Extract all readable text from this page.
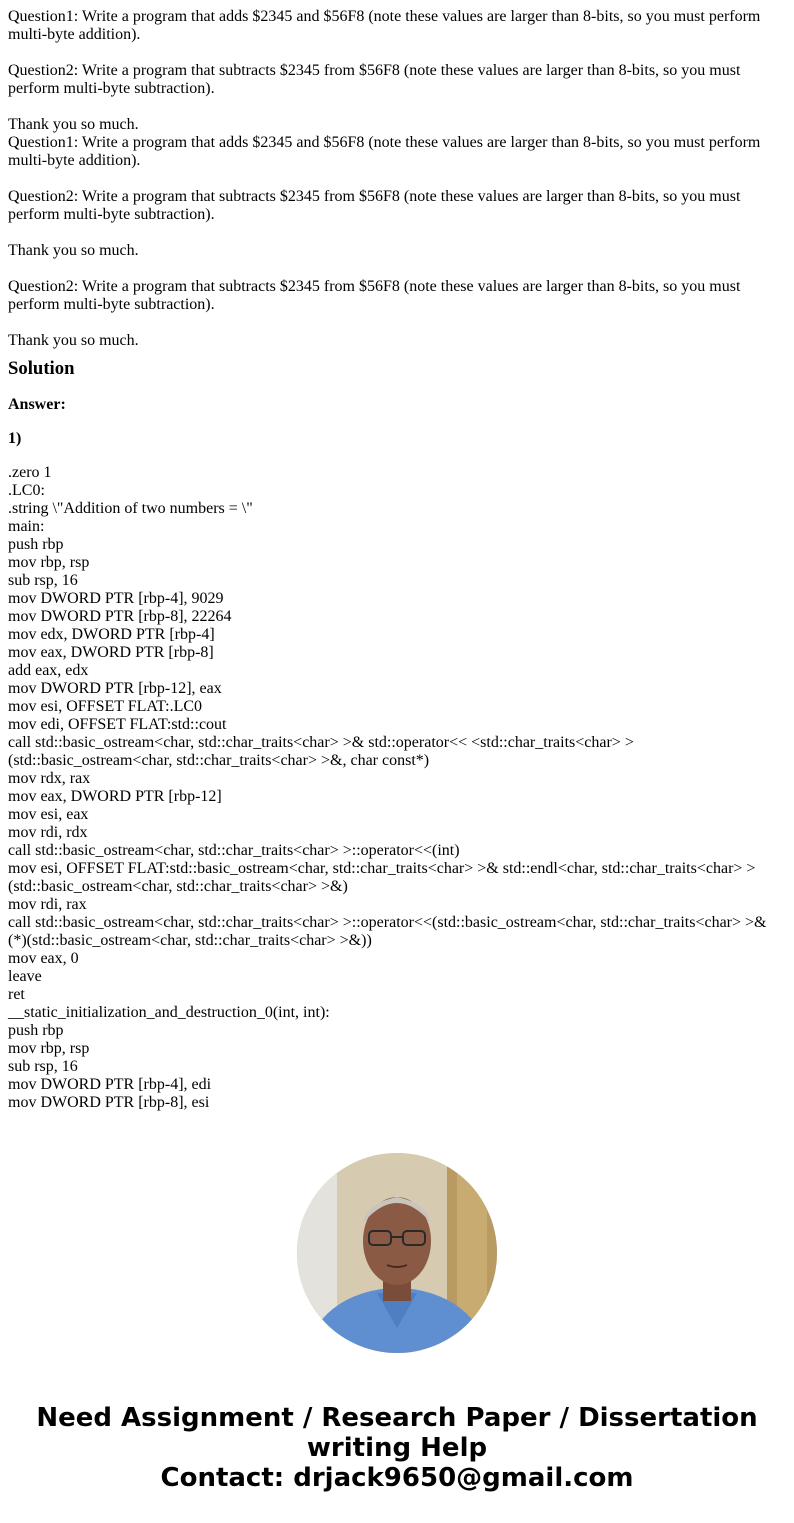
Question1: Write a program that adds $2345 and $56F8 (note these values are larger than 8-bits, so you must perform multi-byte addition).

Question2: Write a program that subtracts $2345 from $56F8 (note these values are larger than 8-bits, so you must perform multi-byte subtraction).

Thank you so much.

Question1: Write a program that adds $2345 and $56F8 (note these values are larger than 8-bits, so you must perform multi-byte addition).

Question2: Write a program that subtracts $2345 from $56F8 (note these values are larger than 8-bits, so you must perform multi-byte subtraction).

Thank you so much.

Question2: Write a program that subtracts $2345 from $56F8 (note these values are larger than 8-bits, so you must perform multi-byte subtraction).

Thank you so much.

Solution

Answer:

1)

.zero 1
.LC0:
.string \"Addition of two numbers = \"
main:
push rbp
mov rbp, rsp
sub rsp, 16
mov DWORD PTR [rbp-4], 9029
mov DWORD PTR [rbp-8], 22264
mov edx, DWORD PTR [rbp-4]
mov eax, DWORD PTR [rbp-8]
add eax, edx
mov DWORD PTR [rbp-12], eax
mov esi, OFFSET FLAT:.LC0
mov edi, OFFSET FLAT:std::cout
call std::basic_ostream<char, std::char_traits<char> >& std::operator<< <std::char_traits<char> > (std::basic_ostream<char, std::char_traits<char> >&, char const*)
mov rdx, rax
mov eax, DWORD PTR [rbp-12]
mov esi, eax
mov rdi, rdx
call std::basic_ostream<char, std::char_traits<char> >::operator<<(int)
mov esi, OFFSET FLAT:std::basic_ostream<char, std::char_traits<char> >& std::endl<char, std::char_traits<char> > (std::basic_ostream<char, std::char_traits<char> >&)
mov rdi, rax
call std::basic_ostream<char, std::char_traits<char> >::operator<<(std::basic_ostream<char, std::char_traits<char> >& (*)(std::basic_ostream<char, std::char_traits<char> >&))
mov eax, 0
leave
ret
__static_initialization_and_destruction_0(int, int):
push rbp
mov rbp, rsp
sub rsp, 16
mov DWORD PTR [rbp-4], edi
mov DWORD PTR [rbp-8], esi
Need Assignment / Research Paper / Dissertation
writing Help
Contact: drjack9650@gmail.com
